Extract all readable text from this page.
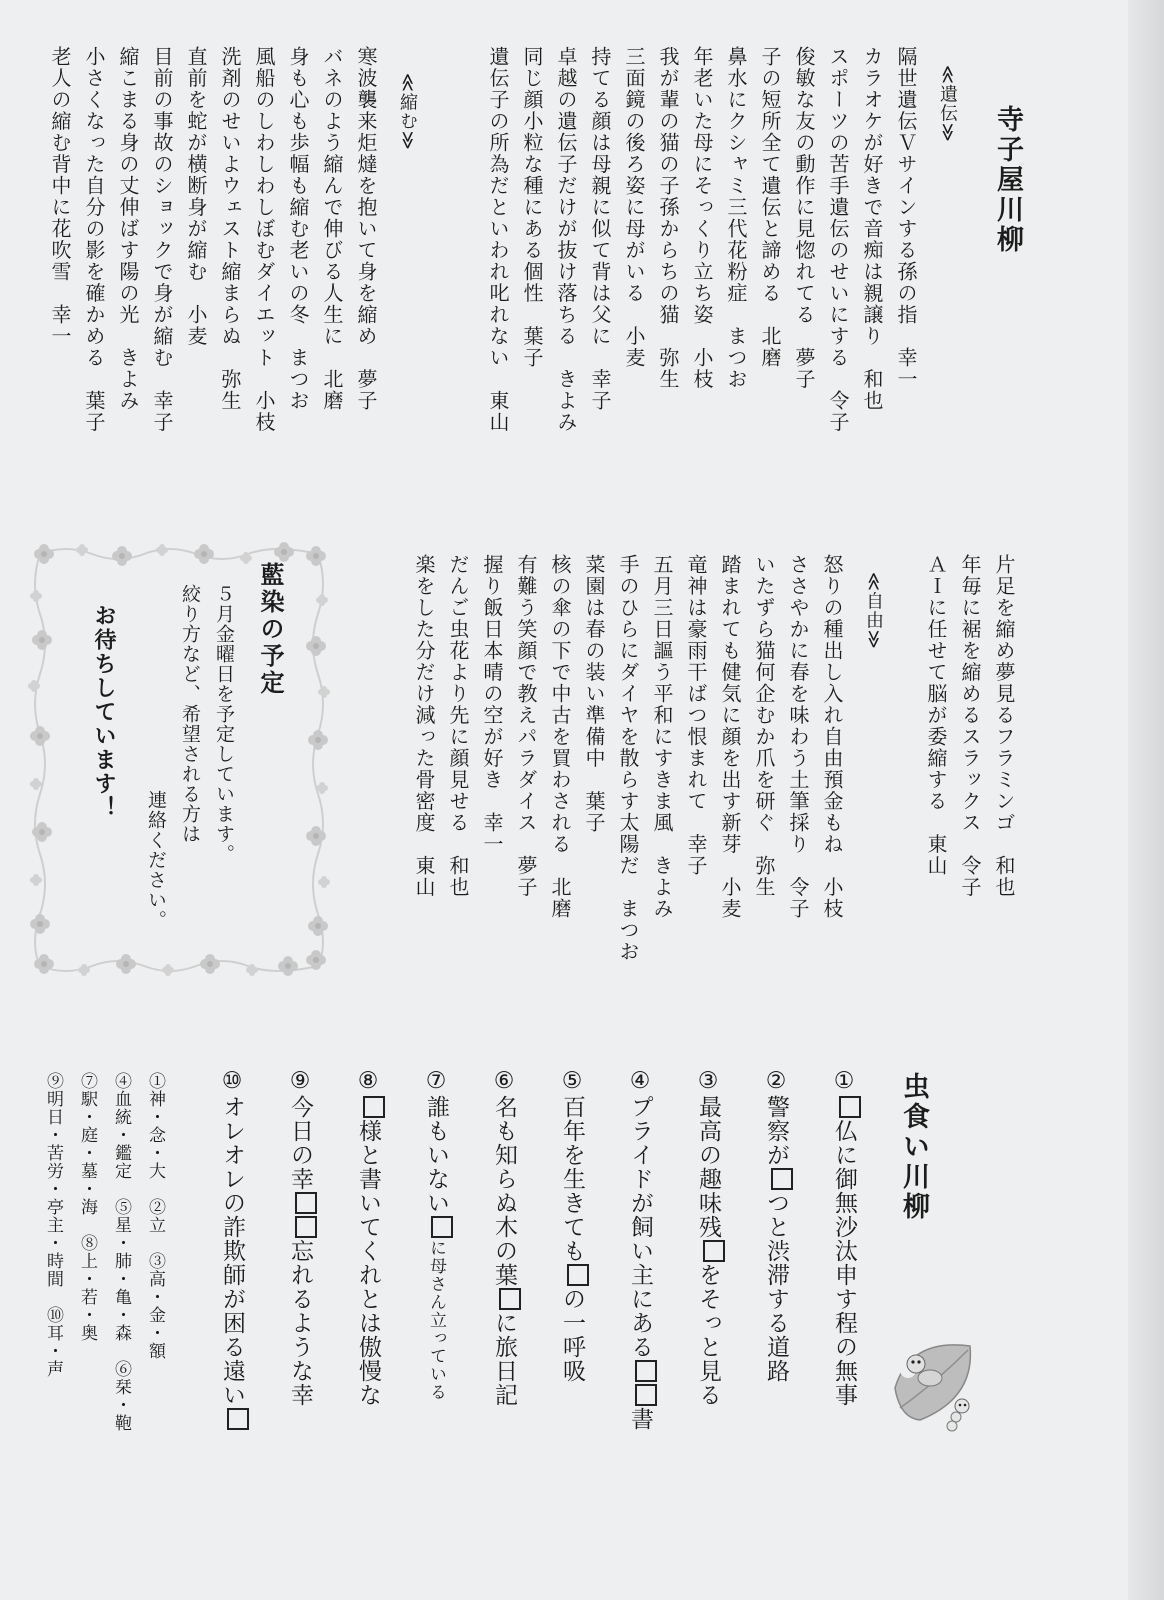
寺子屋川柳
≪遺伝≫
隔世遺伝Ｖサインする孫の指　幸一
カラオケが好きで音痴は親譲り　和也
スポーツの苦手遺伝のせいにする　令子
俊敏な友の動作に見惚れてる　夢子
子の短所全て遺伝と諦める　北磨
鼻水にクシャミ三代花粉症　まつお
年老いた母にそっくり立ち姿　小枝
我が輩の猫の子孫からちの猫　弥生
三面鏡の後ろ姿に母がいる　小麦
持てる顔は母親に似て背は父に　幸子
卓越の遺伝子だけが抜け落ちる　きよみ
同じ顔小粒な種にある個性　葉子
遺伝子の所為だといわれ叱れない　東山
≪縮む≫
寒波襲来炬燵を抱いて身を縮め　夢子
バネのよう縮んで伸びる人生に　北磨
身も心も歩幅も縮む老いの冬　まつお
風船のしわしわしぼむダイエット　小枝
洗剤のせいよウェスト縮まらぬ　弥生
直前を蛇が横断身が縮む　小麦
目前の事故のショックで身が縮む　幸子
縮こまる身の丈伸ばす陽の光　きよみ
小さくなった自分の影を確かめる　葉子
老人の縮む背中に花吹雪　幸一
片足を縮め夢見るフラミンゴ　和也
年毎に裾を縮めるスラックス　令子
ＡＩに任せて脳が委縮する　東山
≪自由≫
怒りの種出し入れ自由預金もね　小枝
ささやかに春を味わう土筆採り　令子
いたずら猫何企むか爪を研ぐ　弥生
踏まれても健気に顔を出す新芽　小麦
竜神は豪雨干ばつ恨まれて　幸子
五月三日謳う平和にすきま風　きよみ
手のひらにダイヤを散らす太陽だ　まつお
菜園は春の装い準備中　葉子
核の傘の下で中古を買わされる　北磨
有難う笑顔で教えパラダイス　夢子
握り飯日本晴の空が好き　幸一
だんご虫花より先に顔見せる　和也
楽をした分だけ減った骨密度　東山
藍染の予定
５月金曜日を予定しています。
絞り方など、希望される方は
連絡ください。
お待ちしています！
虫食い川柳
①仏に御無沙汰申す程の無事
②警察がつと渋滞する道路
③最高の趣味残をそっと見る
④プライドが飼い主にある書
⑤百年を生きてもの一呼吸
⑥名も知らぬ木の葉に旅日記
⑦誰もいないに母さん立っている
⑧様と書いてくれとは傲慢な
⑨今日の幸忘れるような幸
⑩オレオレの詐欺師が困る遠い
①神・念・大　②立　③高・金・額
④血統・鑑定　⑤星・肺・亀・森　⑥栞・鞄
⑦駅・庭・墓・海　⑧上・若・奥
⑨明日・苦労・亭主・時間　⑩耳・声
